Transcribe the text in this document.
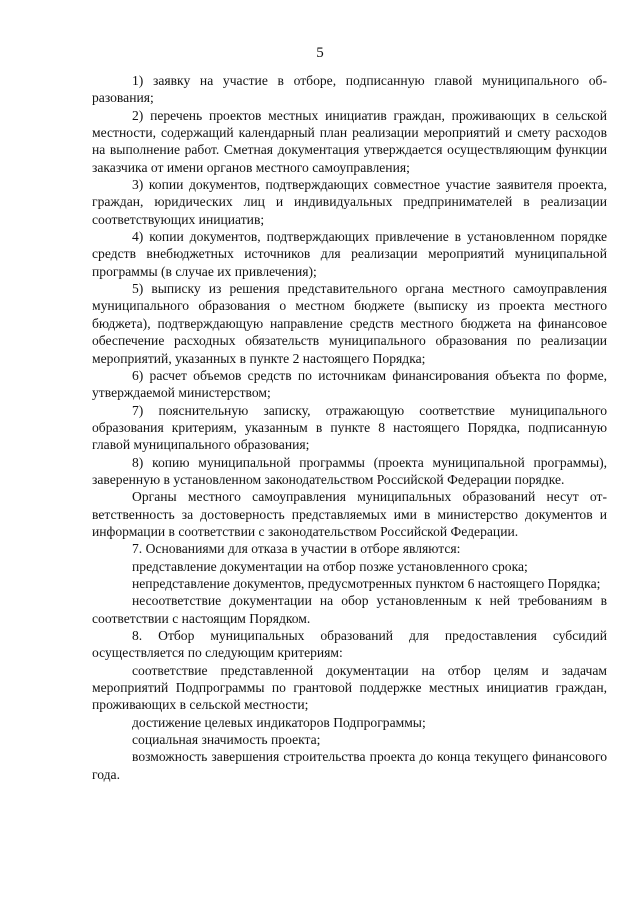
5

1) заявку на участие в отборе, подписанную главой муниципального образования;

2) перечень проектов местных инициатив граждан, проживающих в сельской местности, содержащий календарный план реализации мероприятий и смету расходов на выполнение работ. Сметная документация утверждается осуществляющим функции заказчика от имени органов местного самоуправления;

3) копии документов, подтверждающих совместное участие заявителя проекта, граждан, юридических лиц и индивидуальных предпринимателей в реализации соответствующих инициатив;

4) копии документов, подтверждающих привлечение в установленном порядке средств внебюджетных источников для реализации мероприятий муниципальной программы (в случае их привлечения);

5) выписку из решения представительного органа местного самоуправления муниципального образования о местном бюджете (выписку из проекта местного бюджета), подтверждающую направление средств местного бюджета на финансовое обеспечение расходных обязательств муниципального образования по реализации мероприятий, указанных в пункте 2 настоящего Порядка;

6) расчет объемов средств по источникам финансирования объекта по форме, утверждаемой министерством;

7) пояснительную записку, отражающую соответствие муниципального образования критериям, указанным в пункте 8 настоящего Порядка, подписанную главой муниципального образования;

8) копию муниципальной программы (проекта муниципальной программы), заверенную в установленном законодательством Российской Федерации порядке.

Органы местного самоуправления муниципальных образований несут ответственность за достоверность представляемых ими в министерство документов и информации в соответствии с законодательством Российской Федерации.

7. Основаниями для отказа в участии в отборе являются:

представление документации на отбор позже установленного срока;

непредставление документов, предусмотренных пунктом 6 настоящего Порядка;

несоответствие документации на обор установленным к ней требованиям в соответствии с настоящим Порядком.

8. Отбор муниципальных образований для предоставления субсидий осуществляется по следующим критериям:

соответствие представленной документации на отбор целям и задачам мероприятий Подпрограммы по грантовой поддержке местных инициатив граждан, проживающих в сельской местности;

достижение целевых индикаторов Подпрограммы;

социальная значимость проекта;

возможность завершения строительства проекта до конца текущего финансового года.
